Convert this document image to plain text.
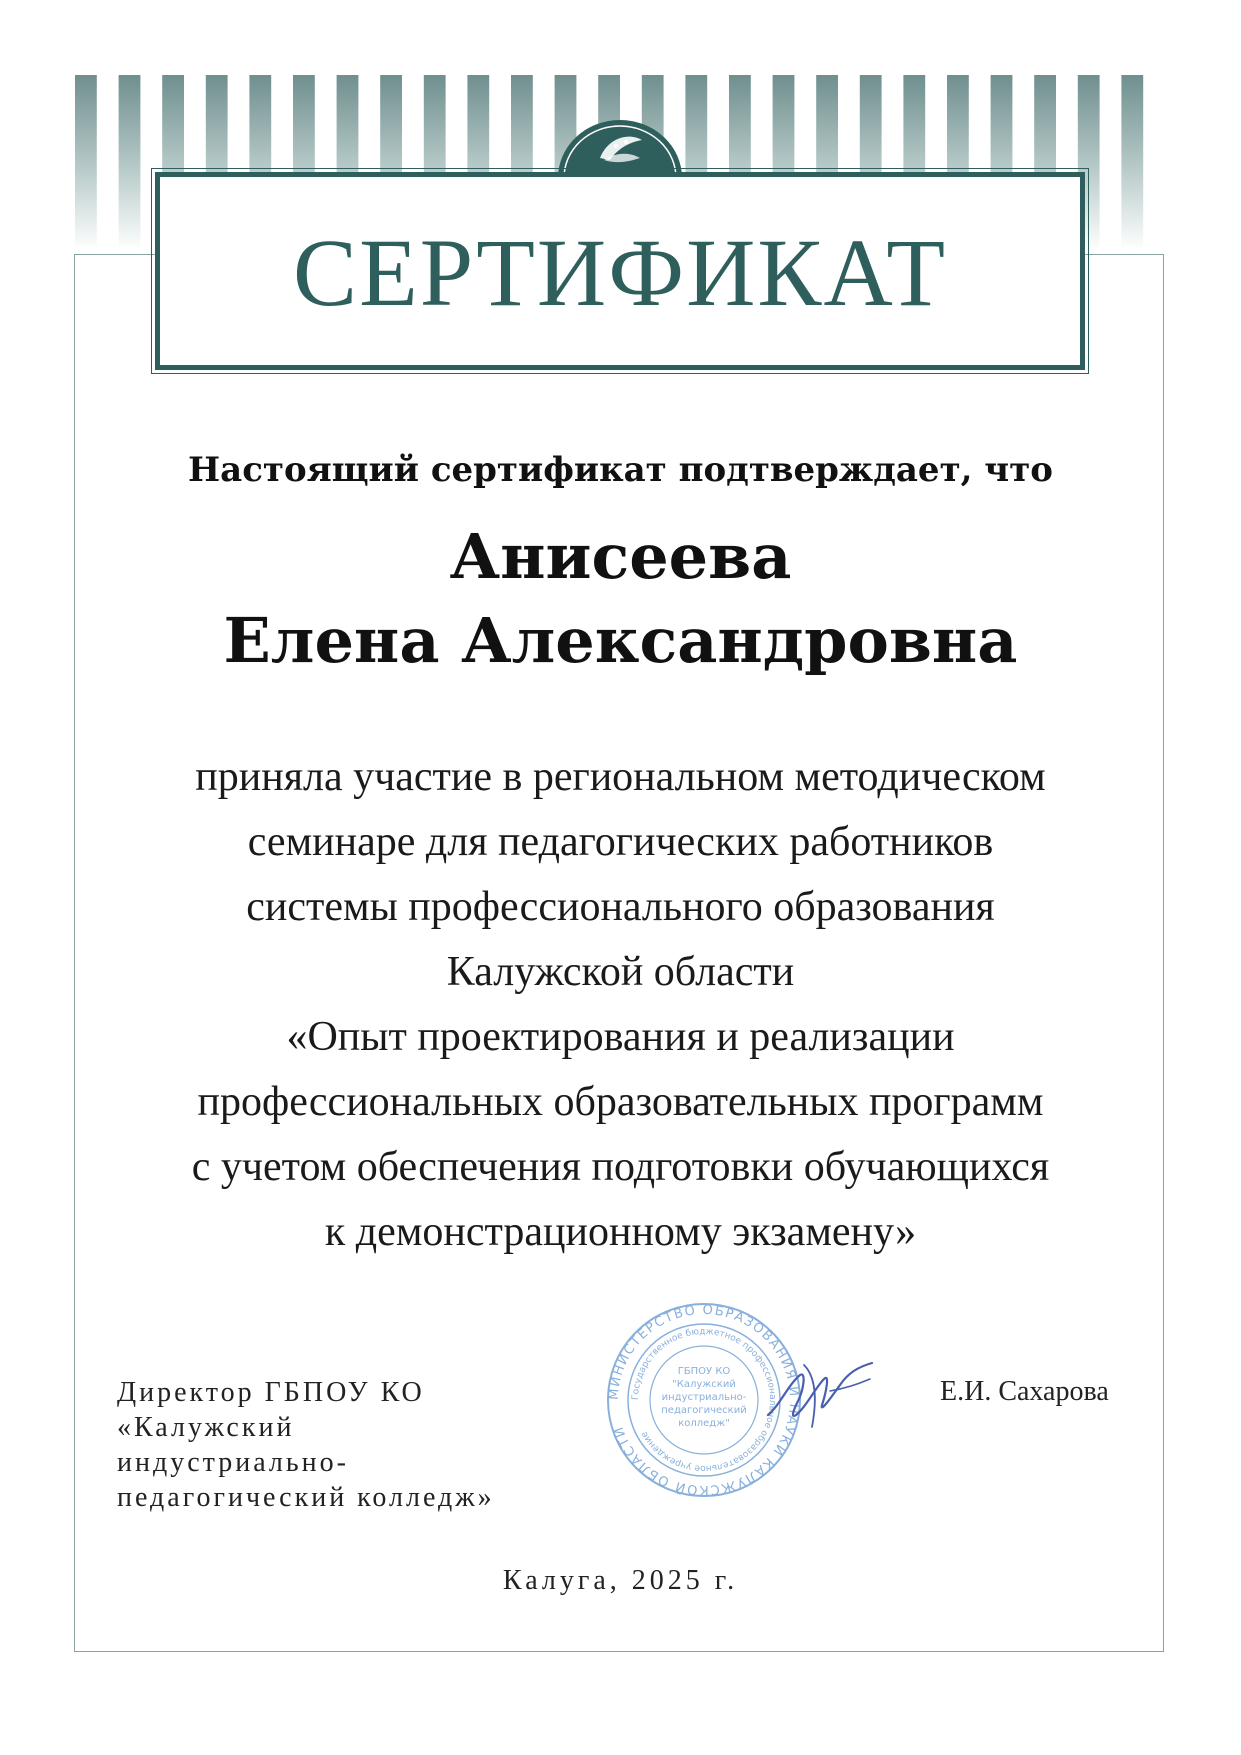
СЕРТИФИКАТ
Настоящий сертификат подтверждает, что
Анисеева
Елена Александровна
приняла участие в региональном методическом
семинаре для педагогических работников
системы профессионального образования
Калужской области
«Опыт проектирования и реализации
профессиональных образовательных программ
с учетом обеспечения подготовки обучающихся
к демонстрационному экзамену»
Директор ГБПОУ КО
«Калужский
индустриально-
педагогический колледж»
МИНИСТЕРСТВО ОБРАЗОВАНИЯ И НАУКИ КАЛУЖСКОЙ ОБЛАСТИ
Государственное бюджетное профессиональное образовательное учреждение
ГБПОУ КО "Калужский индустриально-педагогический колледж"
Е.И. Сахарова
Калуга, 2025 г.
